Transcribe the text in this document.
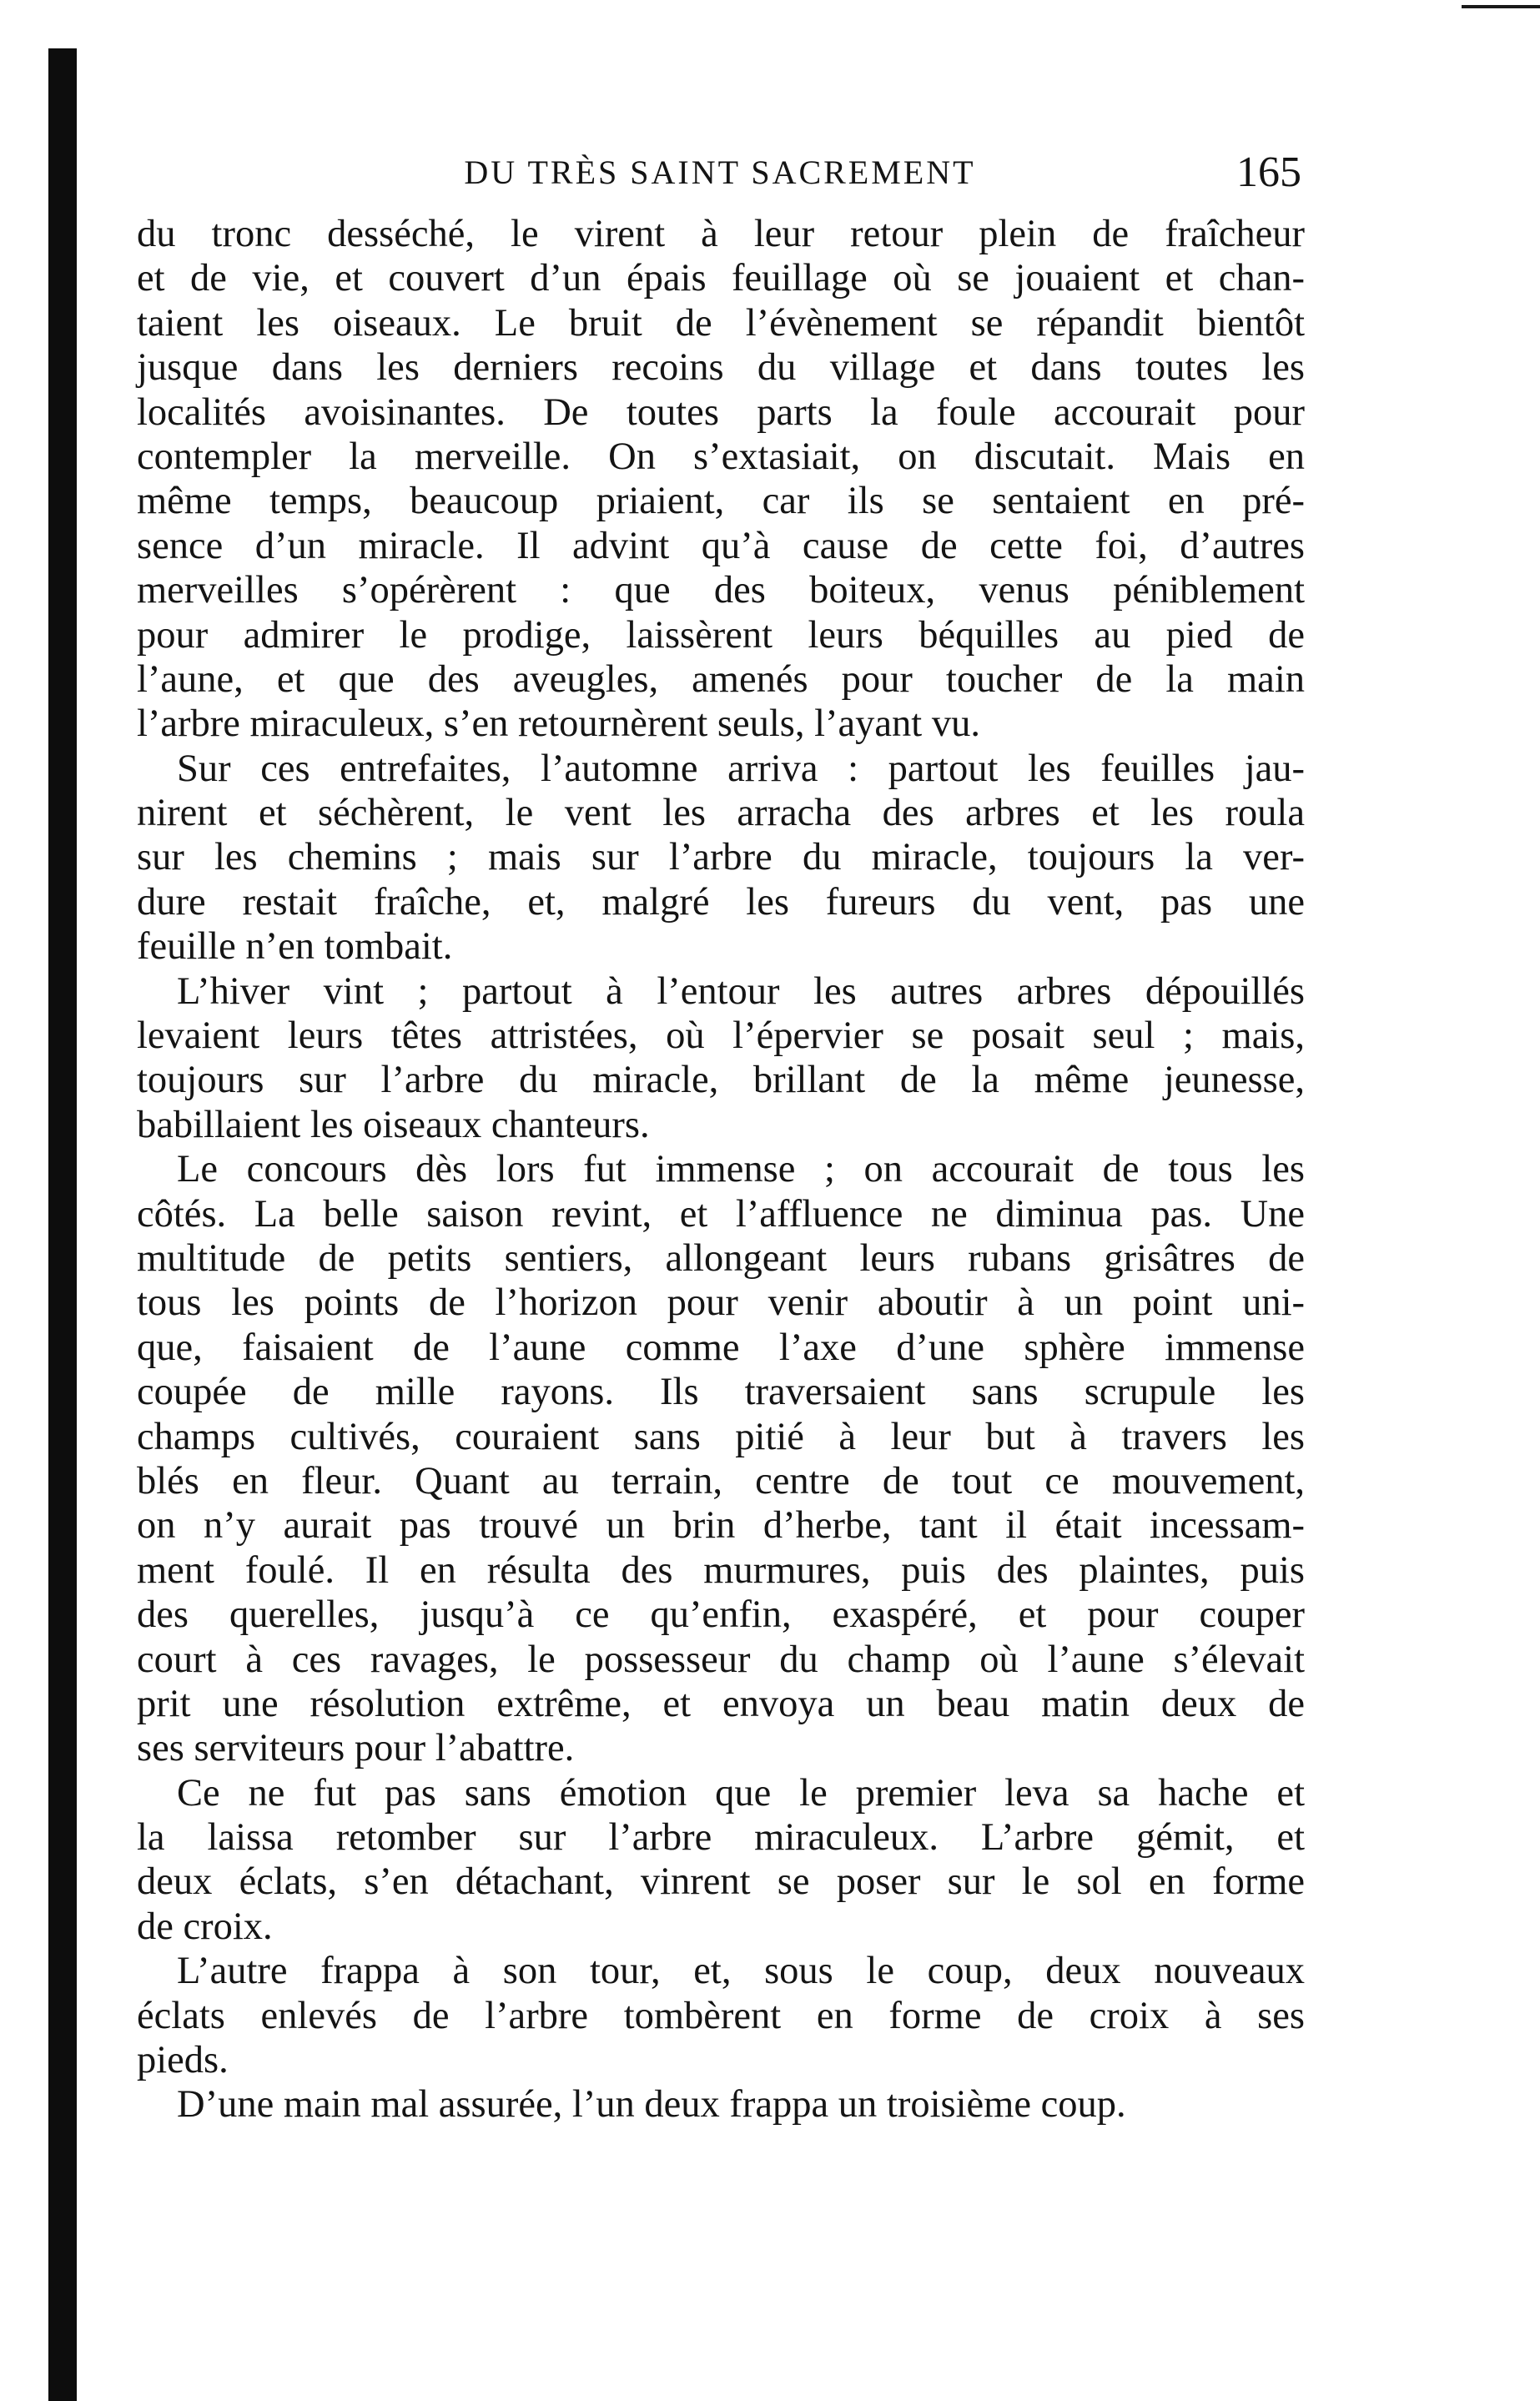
DU TRÈS SAINT SACREMENT	165
du tronc desséché, le virent à leur retour plein de fraîcheur
et de vie, et couvert d’un épais feuillage où se jouaient et chan-
taient les oiseaux. Le bruit de l’évènement se répandit bientôt
jusque dans les derniers recoins du village et dans toutes les
localités avoisinantes. De toutes parts la foule accourait pour
contempler la merveille. On s’extasiait, on discutait. Mais en
même temps, beaucoup priaient, car ils se sentaient en pré-
sence d’un miracle. Il advint qu’à cause de cette foi, d’autres
merveilles s’opérèrent : que des boiteux, venus péniblement
pour admirer le prodige, laissèrent leurs béquilles au pied de
l’aune, et que des aveugles, amenés pour toucher de la main
l’arbre miraculeux, s’en retournèrent seuls, l’ayant vu.
Sur ces entrefaites, l’automne arriva : partout les feuilles jau-
nirent et séchèrent, le vent les arracha des arbres et les roula
sur les chemins ; mais sur l’arbre du miracle, toujours la ver-
dure restait fraîche, et, malgré les fureurs du vent, pas une
feuille n’en tombait.
L’hiver vint ; partout à l’entour les autres arbres dépouillés
levaient leurs têtes attristées, où l’épervier se posait seul ; mais,
toujours sur l’arbre du miracle, brillant de la même jeunesse,
babillaient les oiseaux chanteurs.
Le concours dès lors fut immense ; on accourait de tous les
côtés. La belle saison revint, et l’affluence ne diminua pas. Une
multitude de petits sentiers, allongeant leurs rubans grisâtres de
tous les points de l’horizon pour venir aboutir à un point uni-
que, faisaient de l’aune comme l’axe d’une sphère immense
coupée de mille rayons. Ils traversaient sans scrupule les
champs cultivés, couraient sans pitié à leur but à travers les
blés en fleur. Quant au terrain, centre de tout ce mouvement,
on n’y aurait pas trouvé un brin d’herbe, tant il était incessam-
ment foulé. Il en résulta des murmures, puis des plaintes, puis
des querelles, jusqu’à ce qu’enfin, exaspéré, et pour couper
court à ces ravages, le possesseur du champ où l’aune s’élevait
prit une résolution extrême, et envoya un beau matin deux de
ses serviteurs pour l’abattre.
Ce ne fut pas sans émotion que le premier leva sa hache et
la laissa retomber sur l’arbre miraculeux. L’arbre gémit, et
deux éclats, s’en détachant, vinrent se poser sur le sol en forme
de croix.
L’autre frappa à son tour, et, sous le coup, deux nouveaux
éclats enlevés de l’arbre tombèrent en forme de croix à ses
pieds.
D’une main mal assurée, l’un deux frappa un troisième coup.
